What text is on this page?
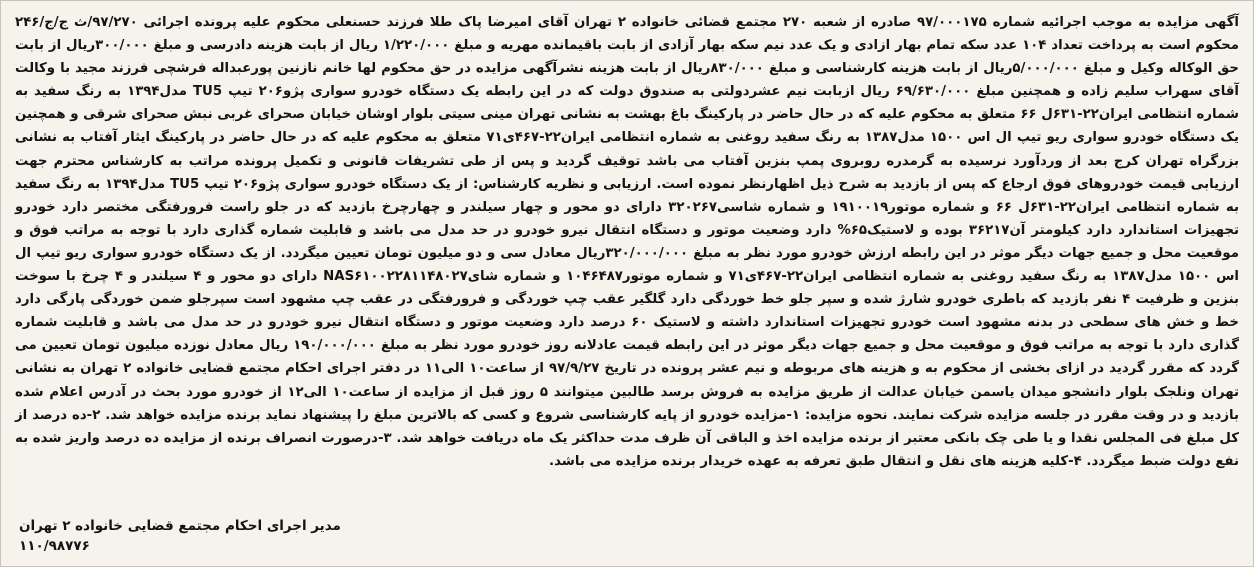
آگهی مزایده به موجب اجرائیه شماره ۹۷/۰۰۰۱۷۵ صادره از شعبه ۲۷۰ مجتمع قضائی خانواده ۲ تهران آقای امیرضا پاک طلا فرزند حسنعلی محکوم علیه پرونده اجرائی ۹۷/۲۷۰/ث ج/ج/۲۴۶ محکوم است به پرداخت تعداد ۱۰۴ عدد سکه تمام بهار ازادی و یک عدد نیم سکه بهار آزادی از بابت باقیمانده مهریه و مبلغ ۱/۲۲۰/۰۰۰ ریال از بابت هزینه دادرسی و مبلغ ۳۰۰/۰۰۰ریال از بابت حق الوکاله وکیل و مبلغ ۵/۰۰۰/۰۰۰ریال از بابت هزینه کارشناسی و مبلغ ۸۳۰/۰۰۰ریال از بابت هزینه نشرآگهی مزایده در حق محکوم لها خانم نازنین پورعبداله فرشچی فرزند مجید با وکالت آقای سهراب سلیم زاده و همچنین مبلغ ۶۹/۶۳۰/۰۰۰ ریال ازبابت نیم عشردولتی به صندوق دولت که در این رابطه یک دستگاه خودرو سواری پژو۲۰۶ تیپ TU5 مدل۱۳۹۴ به رنگ سفید به شماره انتظامی ایران۲۲-۶۳۱ل ۶۶ متعلق به محکوم علیه که در حال حاضر در پارکینگ باغ بهشت به نشانی تهران مینی سیتی بلوار اوشان خیابان صحرای غربی نبش صحرای شرقی و همچنین یک دستگاه خودرو سواری ریو تیپ ال اس ۱۵۰۰ مدل۱۳۸۷ به رنگ سفید روغنی به شماره انتظامی ایران۲۲-۴۶۷ی۷۱ متعلق به محکوم علیه که در حال حاضر در پارکینگ ایثار آفتاب به نشانی بزرگراه تهران کرج بعد از وردآورد نرسیده به گرمدره روبروی پمپ بنزین آفتاب می باشد توقیف گردید و پس از طی تشریفات قانونی و تکمیل پرونده مراتب به کارشناس محترم جهت ارزیابی قیمت خودروهای فوق ارجاع که پس از بازدید به شرح ذیل اظهارنظر نموده است. ارزیابی و نظریه کارشناس: از یک دستگاه خودرو سواری پژو۲۰۶ تیپ TU5 مدل۱۳۹۴ به رنگ سفید به شماره انتظامی ایران۲۲-۶۳۱ل ۶۶ و شماره موتور۱۹۱۰۰۱۹ و شماره شاسی۳۲۰۲۶۷ دارای دو محور و چهار سیلندر و چهارچرخ بازدید که در جلو راست فرورفتگی مختصر دارد خودرو تجهیزات استاندارد دارد کیلومتر آن۳۶۲۱۷ بوده و لاستیک۶۵% دارد وضعیت موتور و دستگاه انتقال نیرو خودرو در حد مدل می باشد و قابلیت شماره گذاری دارد با توجه به مراتب فوق و موقعیت محل و جمیع جهات دیگر موثر در این رابطه ارزش خودرو مورد نظر به مبلغ ۳۲۰/۰۰۰/۰۰۰ریال معادل سی و دو میلیون تومان تعیین میگردد. از یک دستگاه خودرو سواری ریو تیپ ال اس ۱۵۰۰ مدل۱۳۸۷ به رنگ سفید روغنی به شماره انتظامی ایران۲۲-۴۶۷ی۷۱ و شماره موتور۱۰۴۶۴۸۷ و شماره شایNAS۶۱۰۰۲۲۸۱۱۴۸۰۲۷ دارای دو محور و ۴ سیلندر و ۴ چرخ با سوخت بنزین و ظرفیت ۴ نفر بازدید که باطری خودرو شارژ شده و سپر جلو خط خوردگی دارد گلگیر عقب چپ خوردگی و فرورفتگی در عقب چپ مشهود است سپرجلو ضمن خوردگی پارگی دارد خط و خش های سطحی در بدنه مشهود است خودرو تجهیزات استاندارد داشته و لاستیک ۶۰ درصد دارد وضعیت موتور و دستگاه انتقال نیرو خودرو در حد مدل می باشد و قابلیت شماره گذاری دارد با توجه به مراتب فوق و موقعیت محل و جمیع جهات دیگر موثر در این رابطه قیمت عادلانه روز خودرو مورد نظر به مبلغ ۱۹۰/۰۰۰/۰۰۰ ریال معادل نوزده میلیون تومان تعیین می گردد که مقرر گردید در ازای بخشی از محکوم به و هزینه های مربوطه و نیم عشر پرونده در تاریخ ۹۷/۹/۲۷ از ساعت۱۰ الی۱۱ در دفتر اجرای احکام مجتمع قضایی خانواده ۲ تهران به نشانی تهران ونلجک بلوار دانشجو میدان یاسمن خیابان عدالت از طریق مزایده به فروش برسد طالبین میتوانند ۵ روز قبل از مزایده از ساعت۱۰ الی۱۲ از خودرو مورد بحث در آدرس اعلام شده بازدید و در وقت مقرر در جلسه مزایده شرکت نمایند. نحوه مزایده: ۱-مزایده خودرو از پایه کارشناسی شروع و کسی که بالاترین مبلغ را پیشنهاد نماید برنده مزایده خواهد شد. ۲-ده درصد از کل مبلغ فی المجلس نقدا و یا طی چک بانکی معتبر از برنده مزایده اخذ و الباقی آن ظرف مدت حداکثر یک ماه دریافت خواهد شد. ۳-درصورت انصراف برنده از مزایده ده درصد واریز شده به نفع دولت ضبط میگردد. ۴-کلیه هزینه های نقل و انتقال طبق تعرفه به عهده خریدار برنده مزایده می باشد.

مدیر اجرای احکام مجتمع قضایی خانواده ۲ تهران
۱۱۰/۹۸۷۷۶
